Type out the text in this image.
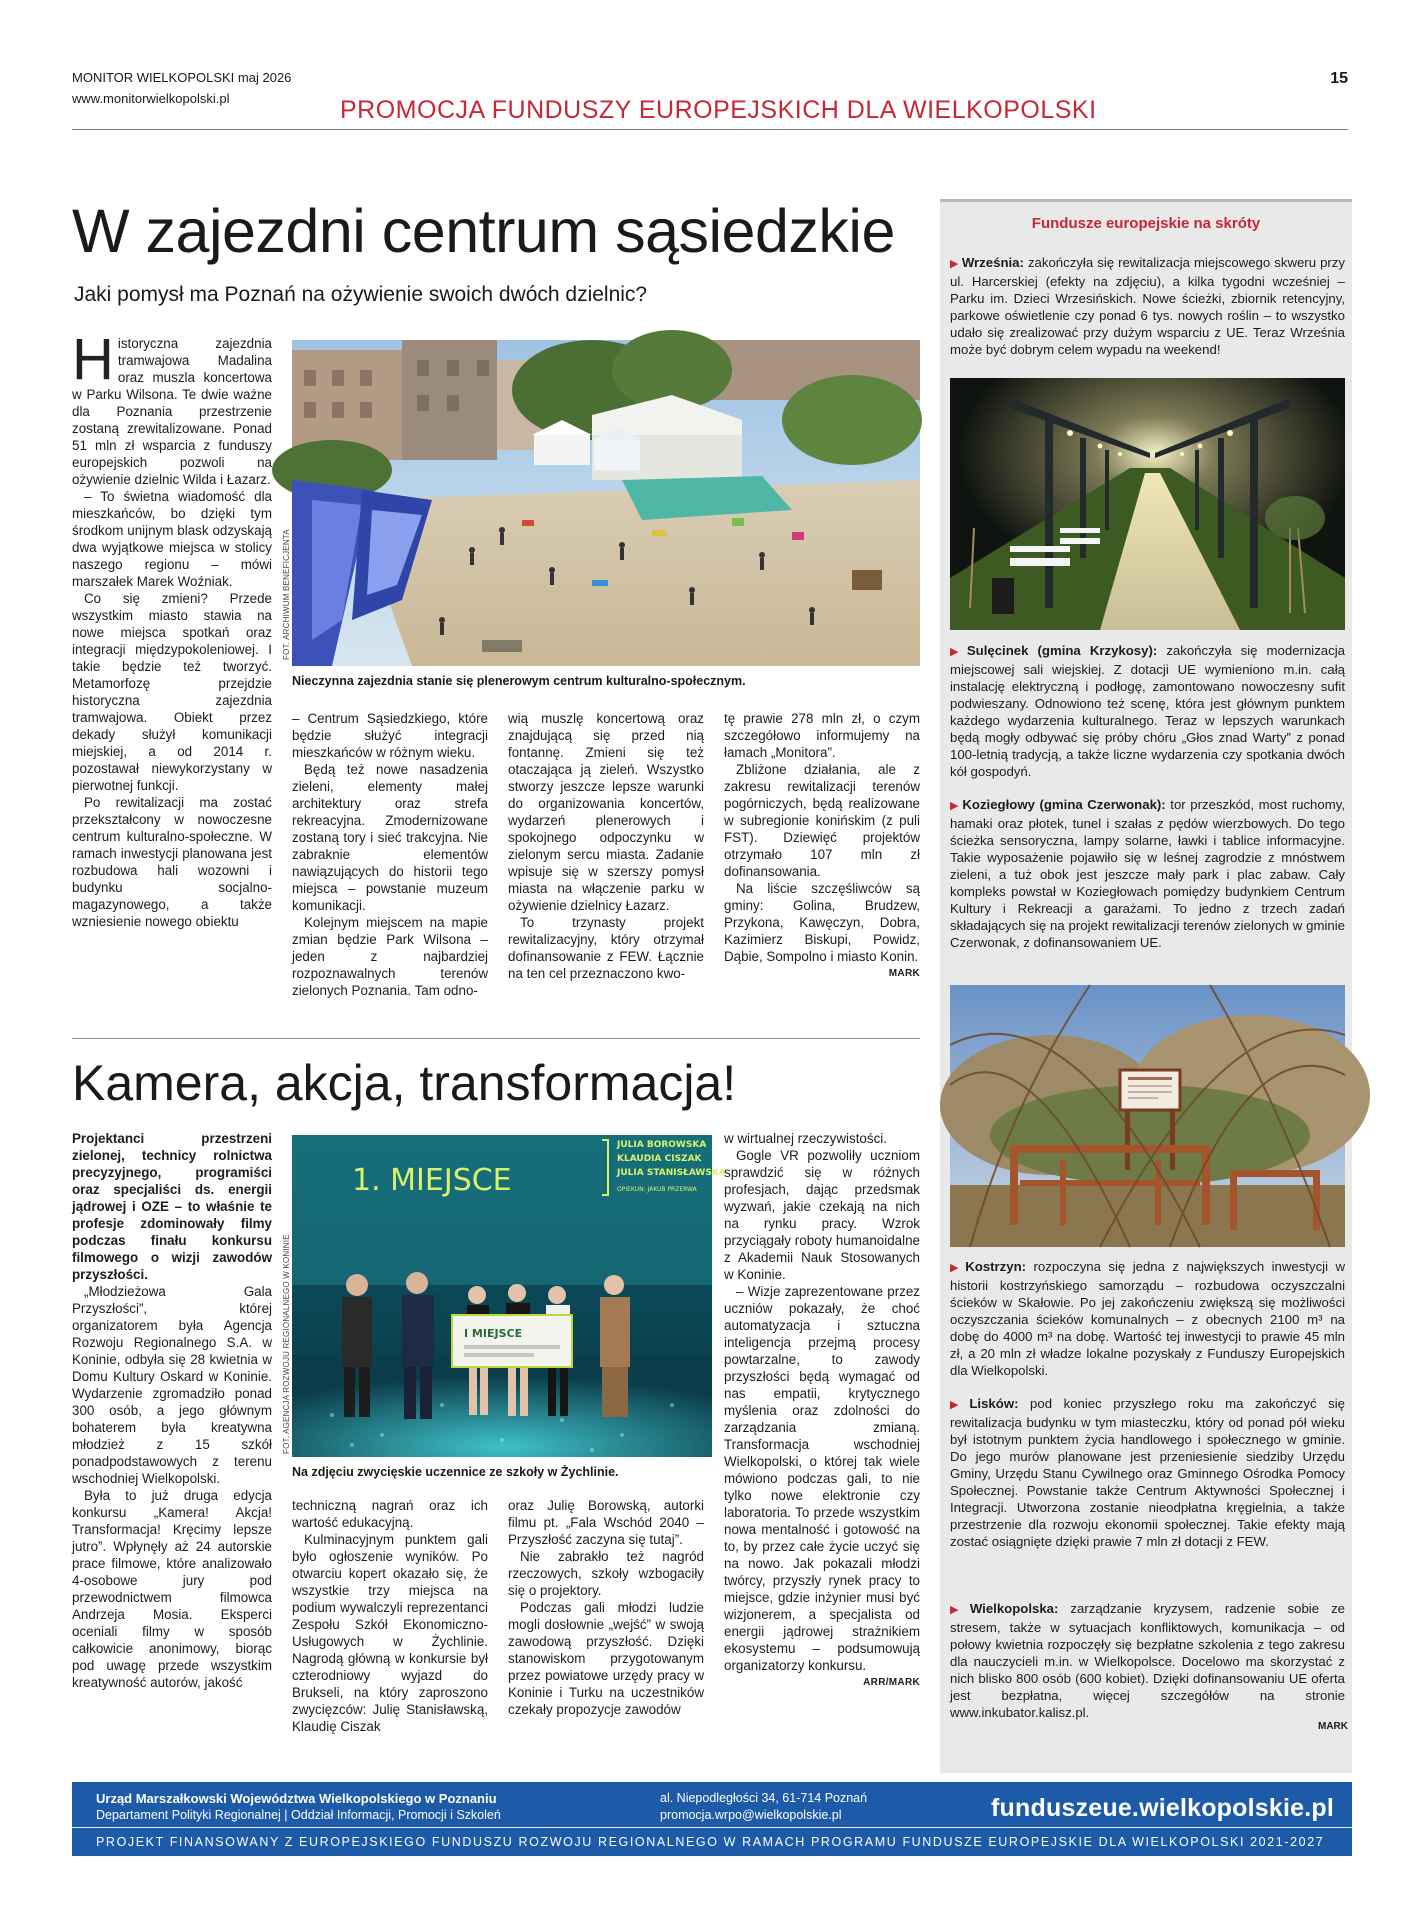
MONITOR WIELKOPOLSKI maj 2026
www.monitorwielkopolski.pl
15
PROMOCJA FUNDUSZY EUROPEJSKICH DLA WIELKOPOLSKI
W zajezdni centrum sąsiedzkie
Jaki pomysł ma Poznań na ożywienie swoich dwóch dzielnic?

Historyczna zajezdnia tramwajowa Madalina oraz muszla koncertowa w Parku Wilsona. Te dwie ważne dla Poznania przestrzenie zostaną zrewitalizowane. Ponad 51 mln zł wsparcia z funduszy europejskich pozwoli na ożywienie dzielnic Wilda i Łazarz.

– To świetna wiadomość dla mieszkańców, bo dzięki tym środkom unijnym blask odzyskają dwa wyjątkowe miejsca w stolicy naszego regionu – mówi marszałek Marek Woźniak.

Co się zmieni? Przede wszystkim miasto stawia na nowe miejsca spotkań oraz integracji międzypokoleniowej. I takie będzie też tworzyć. Metamorfozę przejdzie historyczna zajezdnia tramwajowa. Obiekt przez dekady służył komunikacji miejskiej, a od 2014 r. pozostawał niewykorzystany w pierwotnej funkcji.

Po rewitalizacji ma zostać przekształcony w nowoczesne centrum kulturalno-społeczne. W ramach inwestycji planowana jest rozbudowa hali wozowni i budynku socjalno-magazynowego, a także wzniesienie nowego obiektu

FOT. ARCHIWUM BENEFICJENTA
Nieczynna zajezdnia stanie się plenerowym centrum kulturalno-społecznym.

– Centrum Sąsiedzkiego, które będzie służyć integracji mieszkańców w różnym wieku.

Będą też nowe nasadzenia zieleni, elementy małej architektury oraz strefa rekreacyjna. Zmodernizowane zostaną tory i sieć trakcyjna. Nie zabraknie elementów nawiązujących do historii tego miejsca – powstanie muzeum komunikacji.

Kolejnym miejscem na mapie zmian będzie Park Wilsona – jeden z najbardziej rozpoznawalnych terenów zielonych Poznania. Tam odno-

wią muszlę koncertową oraz znajdującą się przed nią fontannę. Zmieni się też otaczająca ją zieleń. Wszystko stworzy jeszcze lepsze warunki do organizowania koncertów, wydarzeń plenerowych i spokojnego odpoczynku w zielonym sercu miasta. Zadanie wpisuje się w szerszy pomysł miasta na włączenie parku w ożywienie dzielnicy Łazarz.

To trzynasty projekt rewitalizacyjny, który otrzymał dofinansowanie z FEW. Łącznie na ten cel przeznaczono kwo-

tę prawie 278 mln zł, o czym szczegółowo informujemy na łamach „Monitora”.

Zbliżone działania, ale z zakresu rewitalizacji terenów pogórniczych, będą realizowane w subregionie konińskim (z puli FST). Dziewięć projektów otrzymało 107 mln zł dofinansowania.

Na liście szczęśliwców są gminy: Golina, Brudzew, Przykona, Kawęczyn, Dobra, Kazimierz Biskupi, Powidz, Dąbie, Sompolno i miasto Konin.

MARK
Kamera, akcja, transformacja!

Projektanci przestrzeni zielonej, technicy rolnictwa precyzyjnego, programiści oraz specjaliści ds. energii jądrowej i OZE – to właśnie te profesje zdominowały filmy podczas finału konkursu filmowego o wizji zawodów przyszłości.

„Młodzieżowa Gala Przyszłości”, której organizatorem była Agencja Rozwoju Regionalnego S.A. w Koninie, odbyła się 28 kwietnia w Domu Kultury Oskard w Koninie. Wydarzenie zgromadziło ponad 300 osób, a jego głównym bohaterem była kreatywna młodzież z 15 szkół ponadpodstawowych z terenu wschodniej Wielkopolski.

Była to już druga edycja konkursu „Kamera! Akcja! Transformacja! Kręcimy lepsze jutro”. Wpłynęły aż 24 autorskie prace filmowe, które analizowało 4-osobowe jury pod przewodnictwem filmowca Andrzeja Mosia. Eksperci oceniali filmy w sposób całkowicie anonimowy, biorąc pod uwagę przede wszystkim kreatywność autorów, jakość

1. MIEJSCE
JULIA BOROWSKA
KLAUDIA CISZAK
JULIA STANISŁAWSKA
OPIEKUN: JAKUB PRZERWA
I MIEJSCE
FOT. AGENCJA ROZWOJU REGIONALNEGO W KONINIE
Na zdjęciu zwycięskie uczennice ze szkoły w Żychlinie.

techniczną nagrań oraz ich wartość edukacyjną.

Kulminacyjnym punktem gali było ogłoszenie wyników. Po otwarciu kopert okazało się, że wszystkie trzy miejsca na podium wywalczyli reprezentanci Zespołu Szkół Ekonomiczno-Usługowych w Żychlinie. Nagrodą główną w konkursie był czterodniowy wyjazd do Brukseli, na który zaproszono zwycięzców: Julię Stanisławską, Klaudię Ciszak

oraz Julię Borowską, autorki filmu pt. „Fala Wschód 2040 – Przyszłość zaczyna się tutaj”.

Nie zabrakło też nagród rzeczowych, szkoły wzbogaciły się o projektory.

Podczas gali młodzi ludzie mogli dosłownie „wejść” w swoją zawodową przyszłość. Dzięki stanowiskom przygotowanym przez powiatowe urzędy pracy w Koninie i Turku na uczestników czekały propozycje zawodów

w wirtualnej rzeczywistości.

Gogle VR pozwoliły uczniom sprawdzić się w różnych profesjach, dając przedsmak wyzwań, jakie czekają na nich na rynku pracy. Wzrok przyciągały roboty humanoidalne z Akademii Nauk Stosowanych w Koninie.

– Wizje zaprezentowane przez uczniów pokazały, że choć automatyzacja i sztuczna inteligencja przejmą procesy powtarzalne, to zawody przyszłości będą wymagać od nas empatii, krytycznego myślenia oraz zdolności do zarządzania zmianą. Transformacja wschodniej Wielkopolski, o której tak wiele mówiono podczas gali, to nie tylko nowe elektronie czy laboratoria. To przede wszystkim nowa mentalność i gotowość na to, by przez całe życie uczyć się na nowo. Jak pokazali młodzi twórcy, przyszły rynek pracy to miejsce, gdzie inżynier musi być wizjonerem, a specjalista od energii jądrowej strażnikiem ekosystemu – podsumowują organizatorzy konkursu.

ARR/MARK
Fundusze europejskie na skróty
▶ Września: zakończyła się rewitalizacja miejscowego skweru przy ul. Harcerskiej (efekty na zdjęciu), a kilka tygodni wcześniej – Parku im. Dzieci Wrzesińskich. Nowe ścieżki, zbiornik retencyjny, parkowe oświetlenie czy ponad 6 tys. nowych roślin – to wszystko udało się zrealizować przy dużym wsparciu z UE. Teraz Września może być dobrym celem wypadu na weekend!
▶ Sulęcinek (gmina Krzykosy): zakończyła się modernizacja miejscowej sali wiejskiej. Z dotacji UE wymieniono m.in. całą instalację elektryczną i podłogę, zamontowano nowoczesny sufit podwieszany. Odnowiono też scenę, która jest głównym punktem każdego wydarzenia kulturalnego. Teraz w lepszych warunkach będą mogły odbywać się próby chóru „Głos znad Warty” z ponad 100-letnią tradycją, a także liczne wydarzenia czy spotkania dwóch kół gospodyń.
▶ Koziegłowy (gmina Czerwonak): tor przeszkód, most ruchomy, hamaki oraz płotek, tunel i szałas z pędów wierzbowych. Do tego ścieżka sensoryczna, lampy solarne, ławki i tablice informacyjne. Takie wyposażenie pojawiło się w leśnej zagrodzie z mnóstwem zieleni, a tuż obok jest jeszcze mały park i plac zabaw. Cały kompleks powstał w Koziegłowach pomiędzy budynkiem Centrum Kultury i Rekreacji a garażami. To jedno z trzech zadań składających się na projekt rewitalizacji terenów zielonych w gminie Czerwonak, z dofinansowaniem UE.
▶ Kostrzyn: rozpoczyna się jedna z największych inwestycji w historii kostrzyńskiego samorządu – rozbudowa oczyszczalni ścieków w Skałowie. Po jej zakończeniu zwiększą się możliwości oczyszczania ścieków komunalnych – z obecnych 2100 m³ na dobę do 4000 m³ na dobę. Wartość tej inwestycji to prawie 45 mln zł, a 20 mln zł władze lokalne pozyskały z Funduszy Europejskich dla Wielkopolski.
▶ Lisków: pod koniec przyszłego roku ma zakończyć się rewitalizacja budynku w tym miasteczku, który od ponad pół wieku był istotnym punktem życia handlowego i społecznego w gminie. Do jego murów planowane jest przeniesienie siedziby Urzędu Gminy, Urzędu Stanu Cywilnego oraz Gminnego Ośrodka Pomocy Społecznej. Powstanie także Centrum Aktywności Społecznej i Integracji. Utworzona zostanie nieodpłatna kręgielnia, a także przestrzenie dla rozwoju ekonomii społecznej. Takie efekty mają zostać osiągnięte dzięki prawie 7 mln zł dotacji z FEW.
▶ Wielkopolska: zarządzanie kryzysem, radzenie sobie ze stresem, także w sytuacjach konfliktowych, komunikacja – od połowy kwietnia rozpoczęły się bezpłatne szkolenia z tego zakresu dla nauczycieli m.in. w Wielkopolsce. Docelowo ma skorzystać z nich blisko 800 osób (600 kobiet). Dzięki dofinansowaniu UE oferta jest bezpłatna, więcej szczegółów na stronie www.inkubator.kalisz.pl.
MARK
Urząd Marszałkowski Województwa Wielkopolskiego w Poznaniu
Departament Polityki Regionalnej | Oddział Informacji, Promocji i Szkoleń
al. Niepodległości 34, 61-714 Poznań
promocja.wrpo@wielkopolskie.pl	funduszeue.wielkopolskie.pl
PROJEKT FINANSOWANY Z EUROPEJSKIEGO FUNDUSZU ROZWOJU REGIONALNEGO W RAMACH PROGRAMU FUNDUSZE EUROPEJSKIE DLA WIELKOPOLSKI 2021-2027
